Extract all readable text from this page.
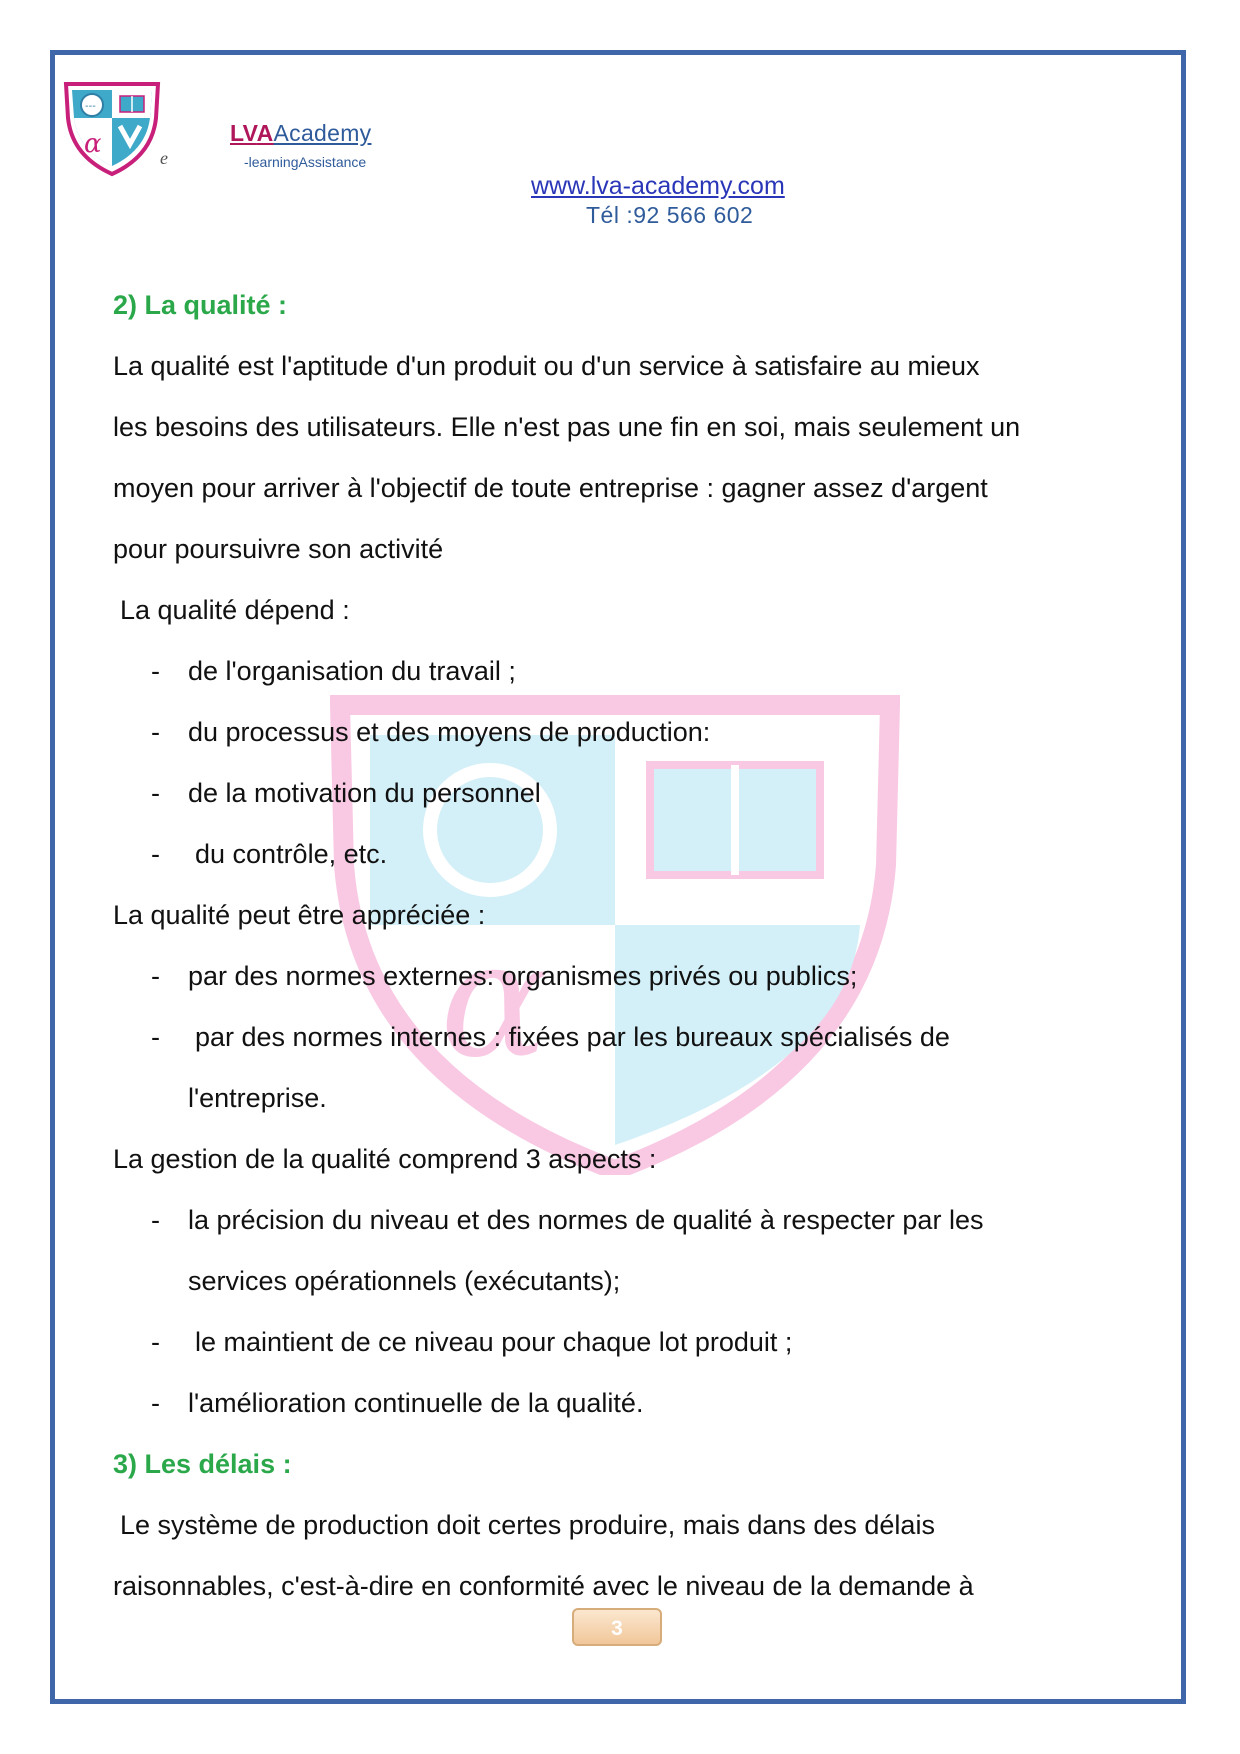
---
α	e
LVAAcademy
-learningAssistance
www.lva-academy.com
Tél :92 566 602
α
2) La qualité :
La qualité est l'aptitude d'un produit ou d'un service à satisfaire au mieux
les besoins des utilisateurs. Elle n'est pas une fin en soi, mais seulement un
moyen pour arriver à l'objectif de toute entreprise : gagner assez d'argent
pour poursuivre son activité
La qualité dépend :
- de l'organisation du travail ;
- du processus et des moyens de production:
- de la motivation du personnel
- du contrôle, etc.
La qualité peut être appréciée :
- par des normes externes: organismes privés ou publics;
- par des normes internes : fixées par les bureaux spécialisés de
l'entreprise.
La gestion de la qualité comprend 3 aspects :
- la précision du niveau et des normes de qualité à respecter par les
services opérationnels (exécutants);
- le maintient de ce niveau pour chaque lot produit ;
- l'amélioration continuelle de la qualité.
3) Les délais :
Le système de production doit certes produire, mais dans des délais
raisonnables, c'est-à-dire en conformité avec le niveau de la demande à
3
